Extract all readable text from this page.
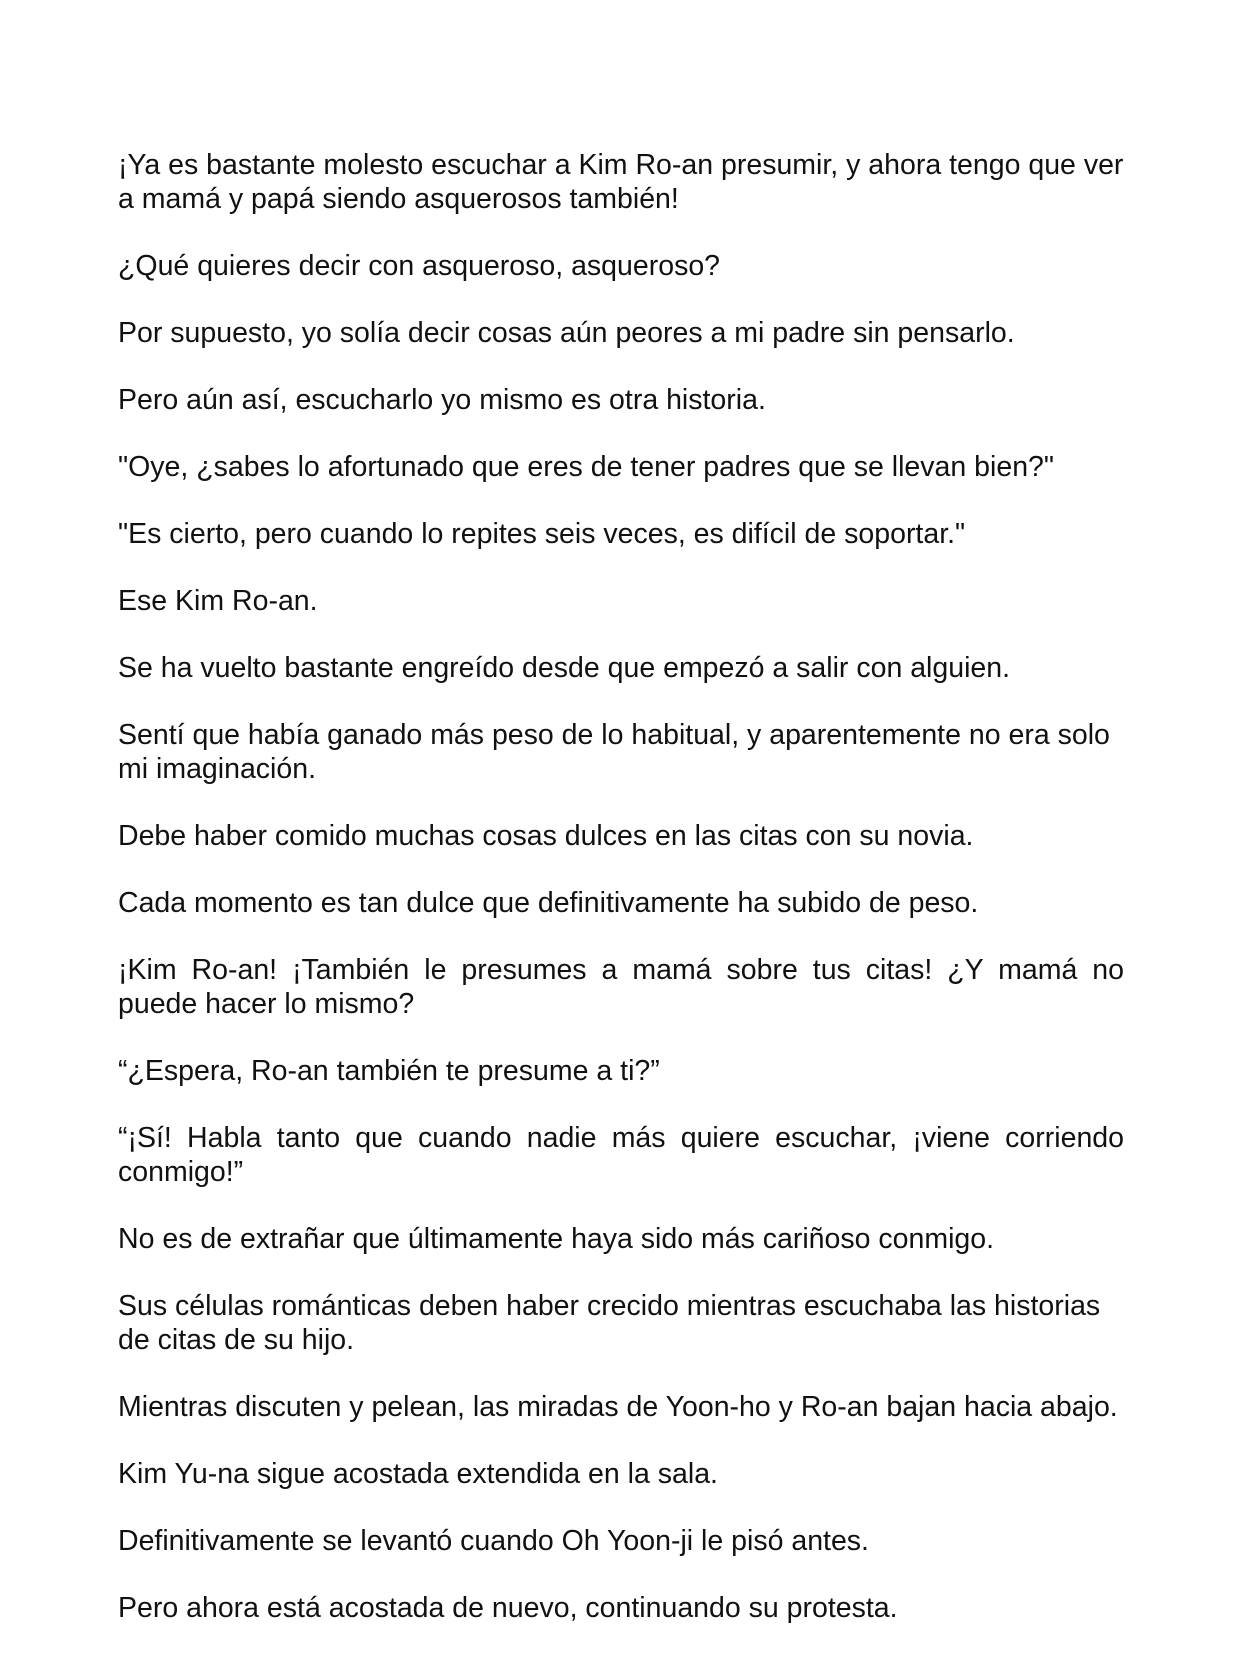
¡Ya es bastante molesto escuchar a Kim Ro-an presumir, y ahora tengo que ver a mamá y papá siendo asquerosos también!

¿Qué quieres decir con asqueroso, asqueroso?

Por supuesto, yo solía decir cosas aún peores a mi padre sin pensarlo.

Pero aún así, escucharlo yo mismo es otra historia.

"Oye, ¿sabes lo afortunado que eres de tener padres que se llevan bien?"

"Es cierto, pero cuando lo repites seis veces, es difícil de soportar."

Ese Kim Ro-an.

Se ha vuelto bastante engreído desde que empezó a salir con alguien.

Sentí que había ganado más peso de lo habitual, y aparentemente no era solo mi imaginación.

Debe haber comido muchas cosas dulces en las citas con su novia.

Cada momento es tan dulce que definitivamente ha subido de peso.

¡Kim Ro-an! ¡También le presumes a mamá sobre tus citas! ¿Y mamá no puede hacer lo mismo?

“¿Espera, Ro-an también te presume a ti?”

“¡Sí! Habla tanto que cuando nadie más quiere escuchar, ¡viene corriendo conmigo!”

No es de extrañar que últimamente haya sido más cariñoso conmigo.

Sus células románticas deben haber crecido mientras escuchaba las historias de citas de su hijo.

Mientras discuten y pelean, las miradas de Yoon-ho y Ro-an bajan hacia abajo.

Kim Yu-na sigue acostada extendida en la sala.

Definitivamente se levantó cuando Oh Yoon-ji le pisó antes.

Pero ahora está acostada de nuevo, continuando su protesta.
